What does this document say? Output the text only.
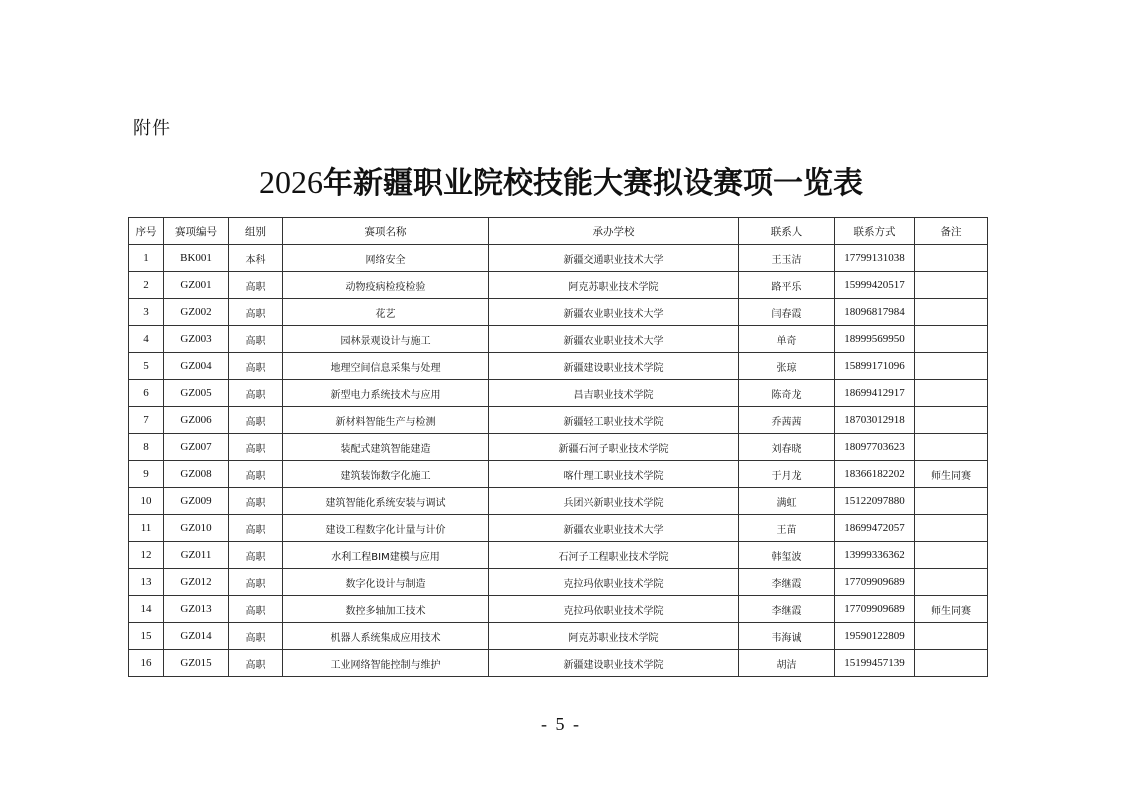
附件
2026年新疆职业院校技能大赛拟设赛项一览表
序号	赛项编号	组别	赛项名称	承办学校	联系人	联系方式	备注
1	BK001	本科	网络安全	新疆交通职业技术大学	王玉洁	17799131038	
2	GZ001	高职	动物疫病检疫检验	阿克苏职业技术学院	路平乐	15999420517	
3	GZ002	高职	花艺	新疆农业职业技术大学	闫春霞	18096817984	
4	GZ003	高职	园林景观设计与施工	新疆农业职业技术大学	单奇	18999569950	
5	GZ004	高职	地理空间信息采集与处理	新疆建设职业技术学院	张琼	15899171096	
6	GZ005	高职	新型电力系统技术与应用	昌吉职业技术学院	陈奇龙	18699412917	
7	GZ006	高职	新材料智能生产与检测	新疆轻工职业技术学院	乔茜茜	18703012918	
8	GZ007	高职	装配式建筑智能建造	新疆石河子职业技术学院	刘春晓	18097703623	
9	GZ008	高职	建筑装饰数字化施工	喀什理工职业技术学院	于月龙	18366182202	师生同赛
10	GZ009	高职	建筑智能化系统安装与调试	兵团兴新职业技术学院	满虹	15122097880	
11	GZ010	高职	建设工程数字化计量与计价	新疆农业职业技术大学	王苗	18699472057	
12	GZ011	高职	水利工程BIM建模与应用	石河子工程职业技术学院	韩玺波	13999336362	
13	GZ012	高职	数字化设计与制造	克拉玛依职业技术学院	李继霞	17709909689	
14	GZ013	高职	数控多轴加工技术	克拉玛依职业技术学院	李继霞	17709909689	师生同赛
15	GZ014	高职	机器人系统集成应用技术	阿克苏职业技术学院	韦海诚	19590122809	
16	GZ015	高职	工业网络智能控制与维护	新疆建设职业技术学院	胡洁	15199457139	
- 5 -
